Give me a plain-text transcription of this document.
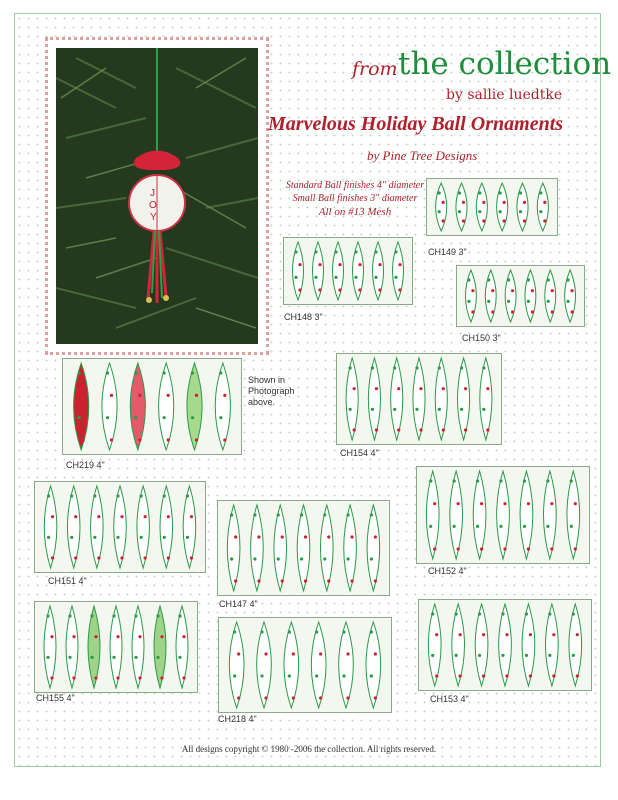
J
O
Y
from the collection
by sallie luedtke
Marvelous Holiday Ball Ornaments
by Pine Tree Designs
Standard Ball finishes 4" diameter
Small Ball finishes 3" diameter
All on #13 Mesh
CH149 3"
CH148 3"
CH150 3"
CH219 4"
Shown in Photograph above.
CH154 4"
CH151 4"
CH147 4"
CH152 4"
CH155 4"
CH218 4"
CH153 4"
All designs copyright © 1980 -2006 the collection. All rights reserved.
